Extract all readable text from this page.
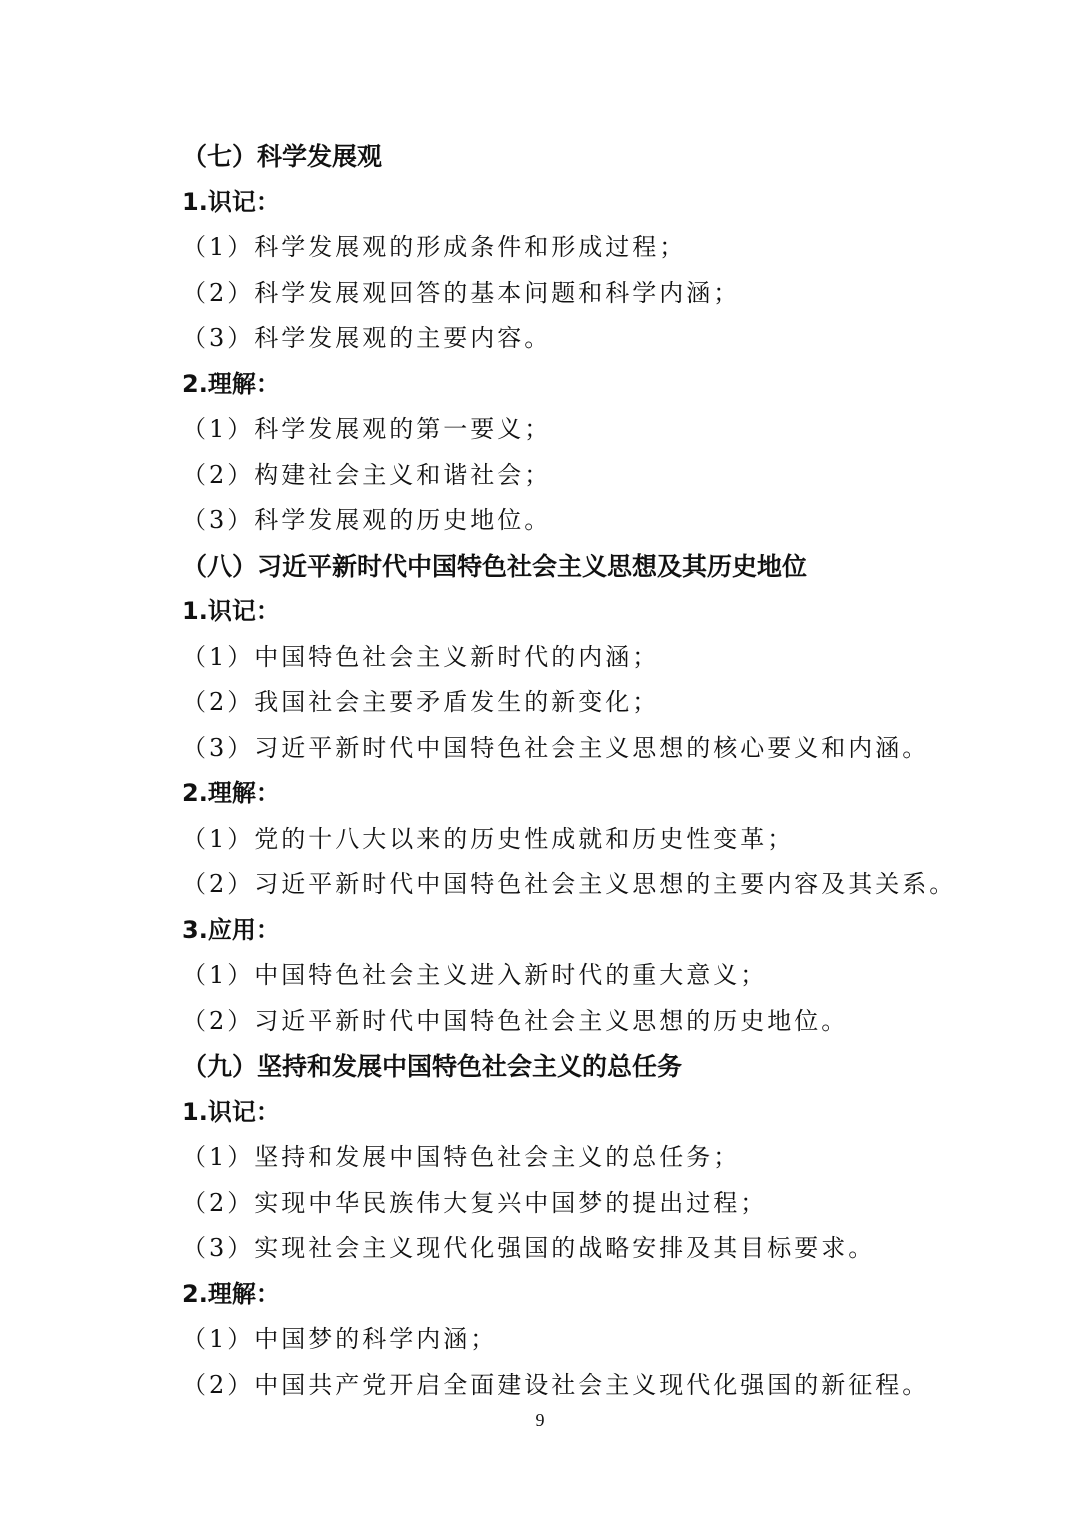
（七）科学发展观
1.识记：
（1）科学发展观的形成条件和形成过程；
（2）科学发展观回答的基本问题和科学内涵；
（3）科学发展观的主要内容。
2.理解：
（1）科学发展观的第一要义；
（2）构建社会主义和谐社会；
（3）科学发展观的历史地位。
（八）习近平新时代中国特色社会主义思想及其历史地位
1.识记：
（1）中国特色社会主义新时代的内涵；
（2）我国社会主要矛盾发生的新变化；
（3）习近平新时代中国特色社会主义思想的核心要义和内涵。
2.理解：
（1）党的十八大以来的历史性成就和历史性变革；
（2）习近平新时代中国特色社会主义思想的主要内容及其关系。
3.应用：
（1）中国特色社会主义进入新时代的重大意义；
（2）习近平新时代中国特色社会主义思想的历史地位。
（九）坚持和发展中国特色社会主义的总任务
1.识记：
（1）坚持和发展中国特色社会主义的总任务；
（2）实现中华民族伟大复兴中国梦的提出过程；
（3）实现社会主义现代化强国的战略安排及其目标要求。
2.理解：
（1）中国梦的科学内涵；
（2）中国共产党开启全面建设社会主义现代化强国的新征程。
9
